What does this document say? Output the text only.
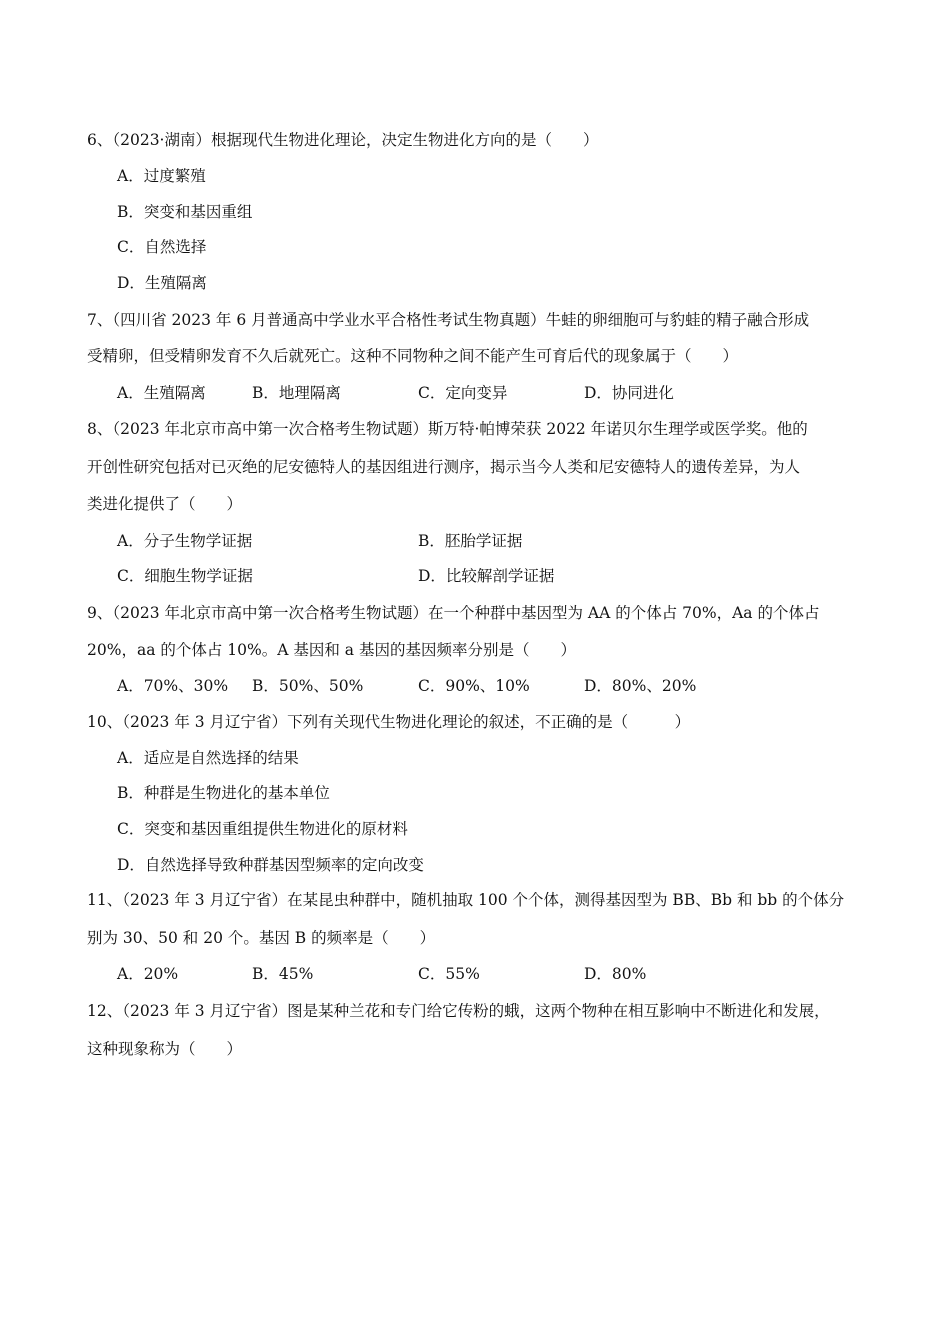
6、（2023·湖南）根据现代生物进化理论，决定生物进化方向的是（　　）
A．过度繁殖
B．突变和基因重组
C．自然选择
D．生殖隔离
7、（四川省 2023 年 6 月普通高中学业水平合格性考试生物真题）牛蛙的卵细胞可与豹蛙的精子融合形成
受精卵，但受精卵发育不久后就死亡。这种不同物种之间不能产生可育后代的现象属于（　　）
A．生殖隔离	B．地理隔离	C．定向变异	D．协同进化
8、（2023 年北京市高中第一次合格考生物试题）斯万特·帕博荣获 2022 年诺贝尔生理学或医学奖。他的
开创性研究包括对已灭绝的尼安德特人的基因组进行测序，揭示当今人类和尼安德特人的遗传差异，为人
类进化提供了（　　）
A．分子生物学证据	B．胚胎学证据
C．细胞生物学证据	D．比较解剖学证据
9、（2023 年北京市高中第一次合格考生物试题）在一个种群中基因型为 AA 的个体占 70%，Aa 的个体占
20%，aa 的个体占 10%。A 基因和 a 基因的基因频率分别是（　　）
A．70%、30% B．50%、50%	C．90%、10%	D．80%、20%
10、（2023 年 3 月辽宁省）下列有关现代生物进化理论的叙述，不正确的是（　　　）
A．适应是自然选择的结果
B．种群是生物进化的基本单位
C．突变和基因重组提供生物进化的原材料
D．自然选择导致种群基因型频率的定向改变
11、（2023 年 3 月辽宁省）在某昆虫种群中，随机抽取 100 个个体，测得基因型为 BB、Bb 和 bb 的个体分
别为 30、50 和 20 个。基因 B 的频率是（　　）
A．20%	B．45%	C．55%	D．80%
12、（2023 年 3 月辽宁省）图是某种兰花和专门给它传粉的蛾，这两个物种在相互影响中不断进化和发展，
这种现象称为（　　）
